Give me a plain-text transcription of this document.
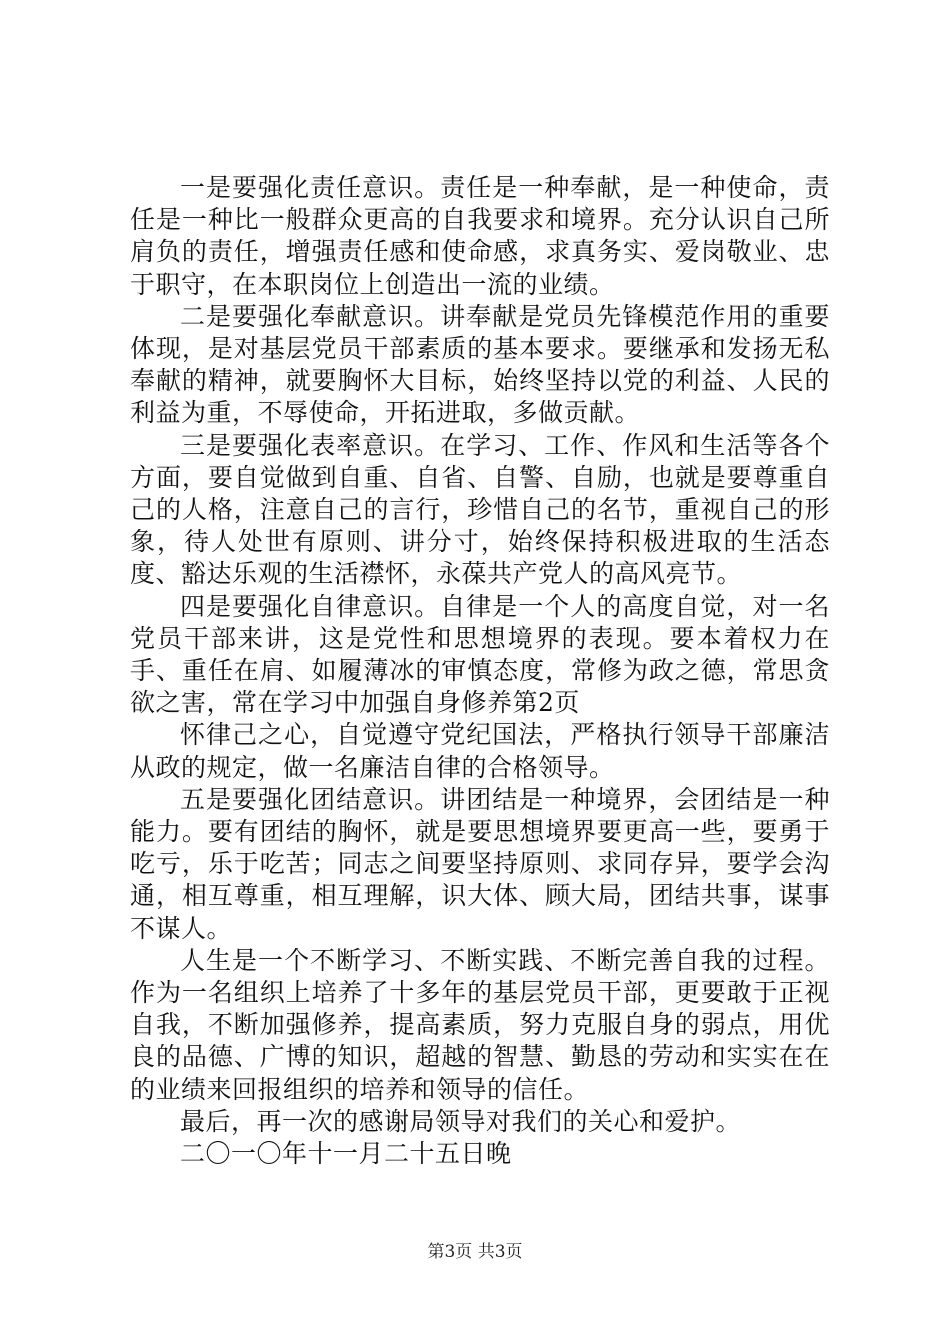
一是要强化责任意识。责任是一种奉献，是一种使命，责任是一种比一般群众更高的自我要求和境界。充分认识自己所肩负的责任，增强责任感和使命感，求真务实、爱岗敬业、忠于职守，在本职岗位上创造出一流的业绩。

二是要强化奉献意识。讲奉献是党员先锋模范作用的重要体现，是对基层党员干部素质的基本要求。要继承和发扬无私奉献的精神，就要胸怀大目标，始终坚持以党的利益、人民的利益为重，不辱使命，开拓进取，多做贡献。

三是要强化表率意识。在学习、工作、作风和生活等各个方面，要自觉做到自重、自省、自警、自励，也就是要尊重自己的人格，注意自己的言行，珍惜自己的名节，重视自己的形象，待人处世有原则、讲分寸，始终保持积极进取的生活态度、豁达乐观的生活襟怀，永葆共产党人的高风亮节。

四是要强化自律意识。自律是一个人的高度自觉，对一名党员干部来讲，这是党性和思想境界的表现。要本着权力在手、重任在肩、如履薄冰的审慎态度，常修为政之德，常思贪欲之害，常在学习中加强自身修养第2页

怀律己之心，自觉遵守党纪国法，严格执行领导干部廉洁从政的规定，做一名廉洁自律的合格领导。

五是要强化团结意识。讲团结是一种境界，会团结是一种能力。要有团结的胸怀，就是要思想境界要更高一些，要勇于吃亏，乐于吃苦；同志之间要坚持原则、求同存异，要学会沟通，相互尊重，相互理解，识大体、顾大局，团结共事，谋事不谋人。

人生是一个不断学习、不断实践、不断完善自我的过程。作为一名组织上培养了十多年的基层党员干部，更要敢于正视自我，不断加强修养，提高素质，努力克服自身的弱点，用优良的品德、广博的知识，超越的智慧、勤恳的劳动和实实在在的业绩来回报组织的培养和领导的信任。

最后，再一次的感谢局领导对我们的关心和爱护。

二〇一〇年十一月二十五日晚

第3页 共3页
